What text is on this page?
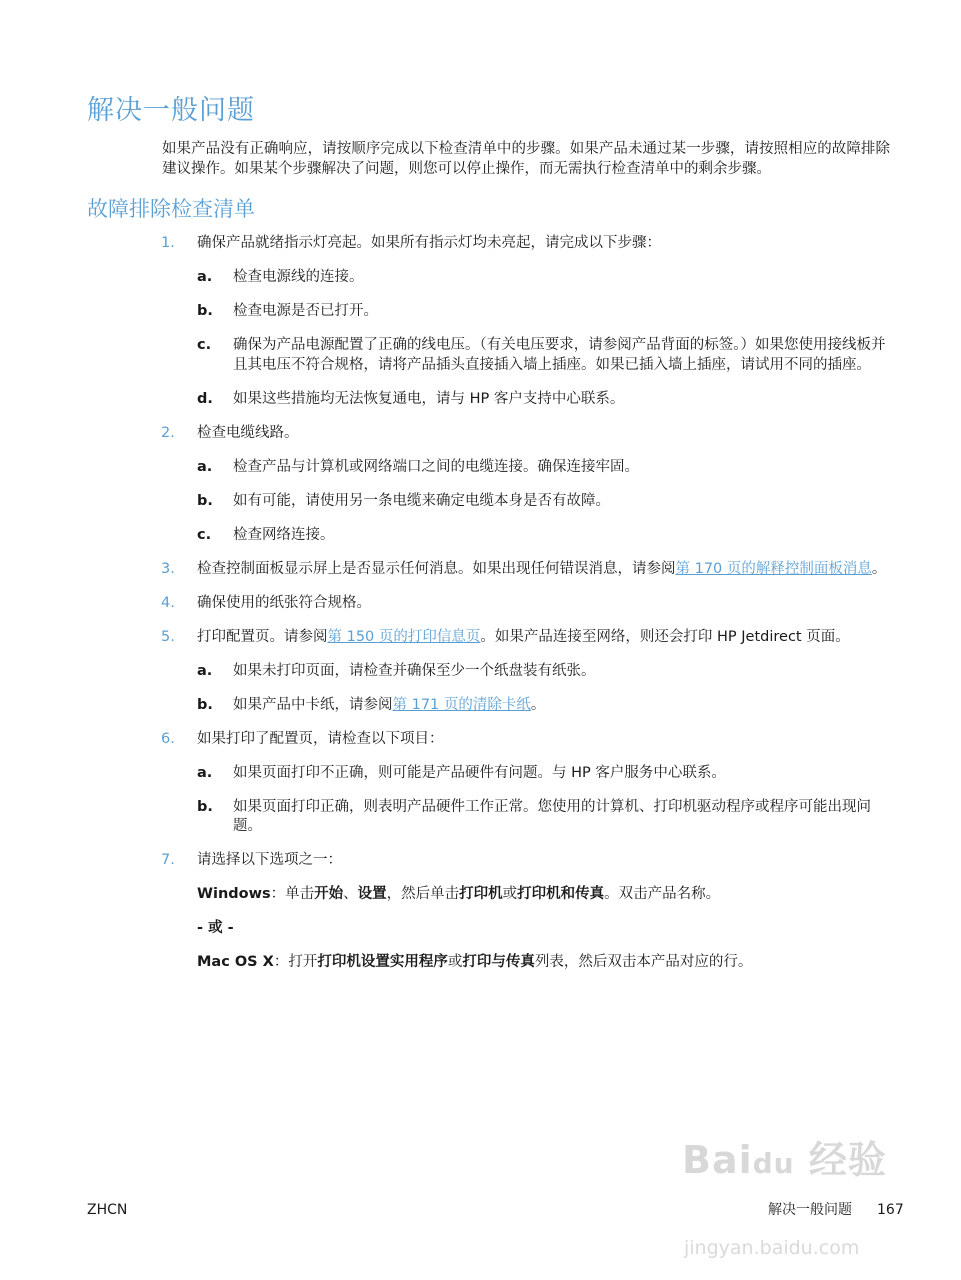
解决一般问题
如果产品没有正确响应，请按顺序完成以下检查清单中的步骤。如果产品未通过某一步骤，请按照相应的故障排除建议操作。如果某个步骤解决了问题，则您可以停止操作，而无需执行检查清单中的剩余步骤。
故障排除检查清单
1.	确保产品就绪指示灯亮起。如果所有指示灯均未亮起，请完成以下步骤：
a.	检查电源线的连接。
b.	检查电源是否已打开。
c.	确保为产品电源配置了正确的线电压。（有关电压要求，请参阅产品背面的标签。）如果您使用接线板并且其电压不符合规格，请将产品插头直接插入墙上插座。如果已插入墙上插座，请试用不同的插座。
d.	如果这些措施均无法恢复通电，请与 HP 客户支持中心联系。
2.	检查电缆线路。
a.	检查产品与计算机或网络端口之间的电缆连接。确保连接牢固。
b.	如有可能，请使用另一条电缆来确定电缆本身是否有故障。
c.	检查网络连接。
3.	检查控制面板显示屏上是否显示任何消息。如果出现任何错误消息，请参阅第 170 页的解释控制面板消息。
4.	确保使用的纸张符合规格。
5.	打印配置页。请参阅第 150 页的打印信息页。如果产品连接至网络，则还会打印 HP Jetdirect 页面。
a.	如果未打印页面，请检查并确保至少一个纸盘装有纸张。
b.	如果产品中卡纸，请参阅第 171 页的清除卡纸。
6.	如果打印了配置页，请检查以下项目：
a.	如果页面打印不正确，则可能是产品硬件有问题。与 HP 客户服务中心联系。
b.	如果页面打印正确，则表明产品硬件工作正常。您使用的计算机、打印机驱动程序或程序可能出现问题。
7.	请选择以下选项之一：
Windows：单击开始、设置，然后单击打印机或打印机和传真。双击产品名称。
- 或 -
Mac OS X：打开打印机设置实用程序或打印与传真列表，然后双击本产品对应的行。
Baidu 经验
jingyan.baidu.com
ZHCN	解决一般问题 167
